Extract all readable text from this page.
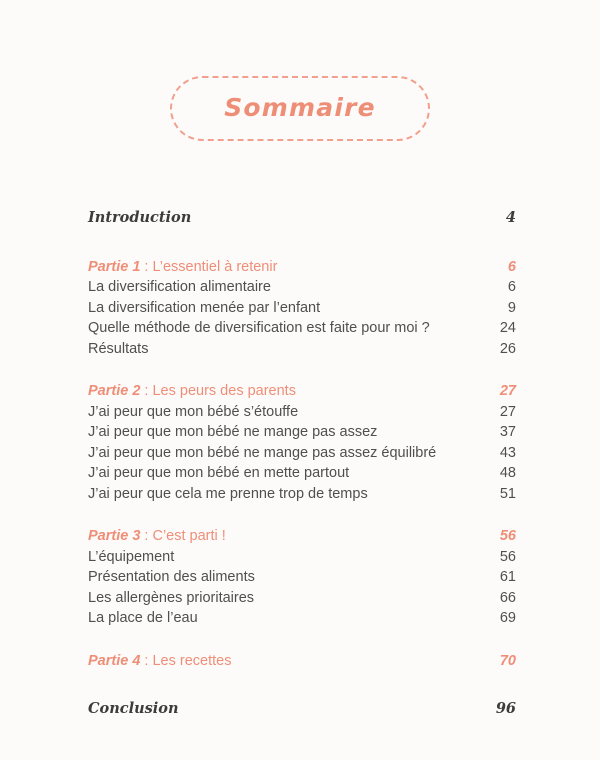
Sommaire
Introduction	4
Partie 1 : L’essentiel à retenir	6
La diversification alimentaire	6
La diversification menée par l’enfant	9
Quelle méthode de diversification est faite pour moi ?	24
Résultats	26
Partie 2 : Les peurs des parents	27
J’ai peur que mon bébé s’étouffe	27
J’ai peur que mon bébé ne mange pas assez	37
J’ai peur que mon bébé ne mange pas assez équilibré	43
J’ai peur que mon bébé en mette partout	48
J’ai peur que cela me prenne trop de temps	51
Partie 3 : C’est parti !	56
L’équipement	56
Présentation des aliments	61
Les allergènes prioritaires	66
La place de l’eau	69
Partie 4 : Les recettes	70
Conclusion	96
